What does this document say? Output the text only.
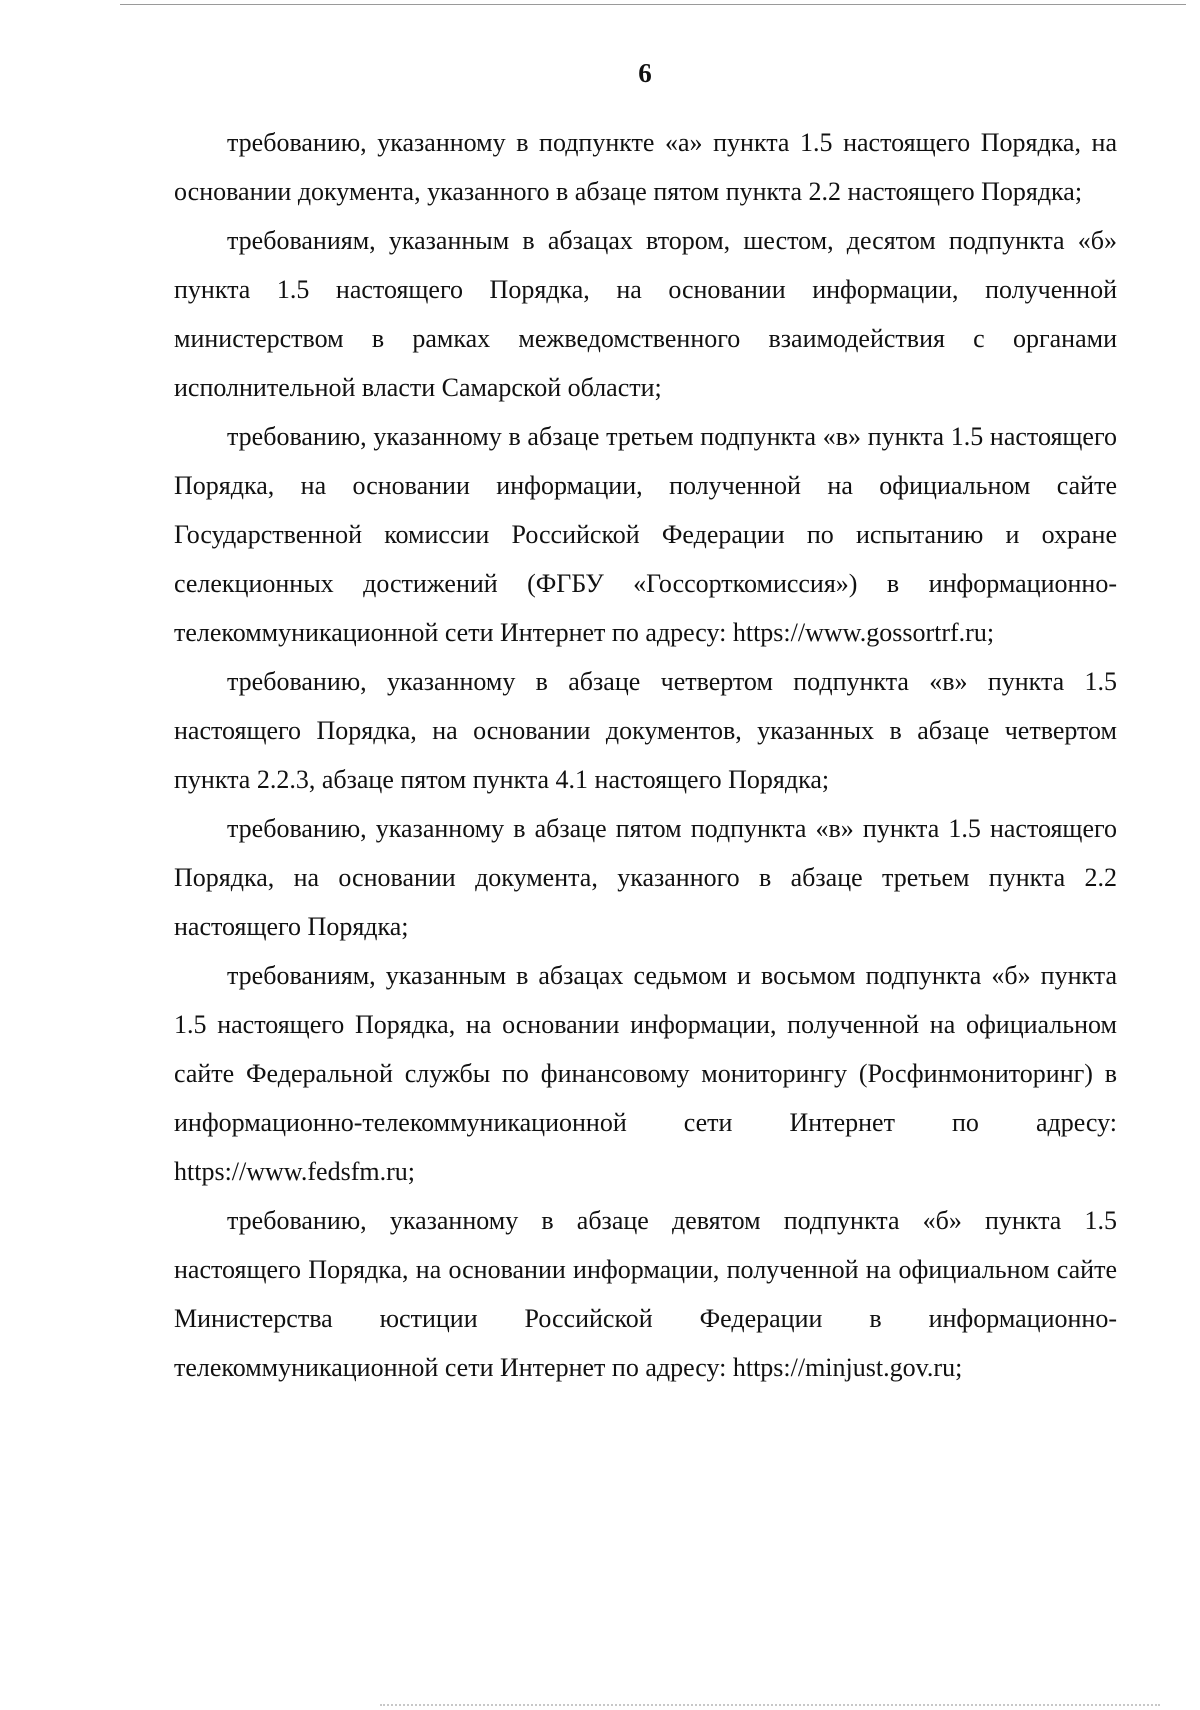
6

требованию, указанному в подпункте «а» пункта 1.5 настоящего Порядка, на основании документа, указанного в абзаце пятом пункта 2.2 настоящего Порядка;

требованиям, указанным в абзацах втором, шестом, десятом подпункта «б» пункта 1.5 настоящего Порядка, на основании информации, полученной министерством в рамках межведомственного взаимодействия с органами исполнительной власти Самарской области;

требованию, указанному в абзаце третьем подпункта «в» пункта 1.5 настоящего Порядка, на основании информации, полученной на официальном сайте Государственной комиссии Российской Федерации по испытанию и охране селекционных достижений (ФГБУ «Госсорткомиссия») в информационно-телекоммуникационной сети Интернет по адресу: https://www.gossortrf.ru;

требованию, указанному в абзаце четвертом подпункта «в» пункта 1.5 настоящего Порядка, на основании документов, указанных в абзаце четвертом пункта 2.2.3, абзаце пятом пункта 4.1 настоящего Порядка;

требованию, указанному в абзаце пятом подпункта «в» пункта 1.5 настоящего Порядка, на основании документа, указанного в абзаце третьем пункта 2.2 настоящего Порядка;

требованиям, указанным в абзацах седьмом и восьмом подпункта «б» пункта 1.5 настоящего Порядка, на основании информации, полученной на официальном сайте Федеральной службы по финансовому мониторингу (Росфинмониторинг) в информационно-телекоммуникационной сети Интернет по адресу: https://www.fedsfm.ru;

требованию, указанному в абзаце девятом подпункта «б» пункта 1.5 настоящего Порядка, на основании информации, полученной на официальном сайте Министерства юстиции Российской Федерации в информационно-телекоммуникационной сети Интернет по адресу: https://minjust.gov.ru;
